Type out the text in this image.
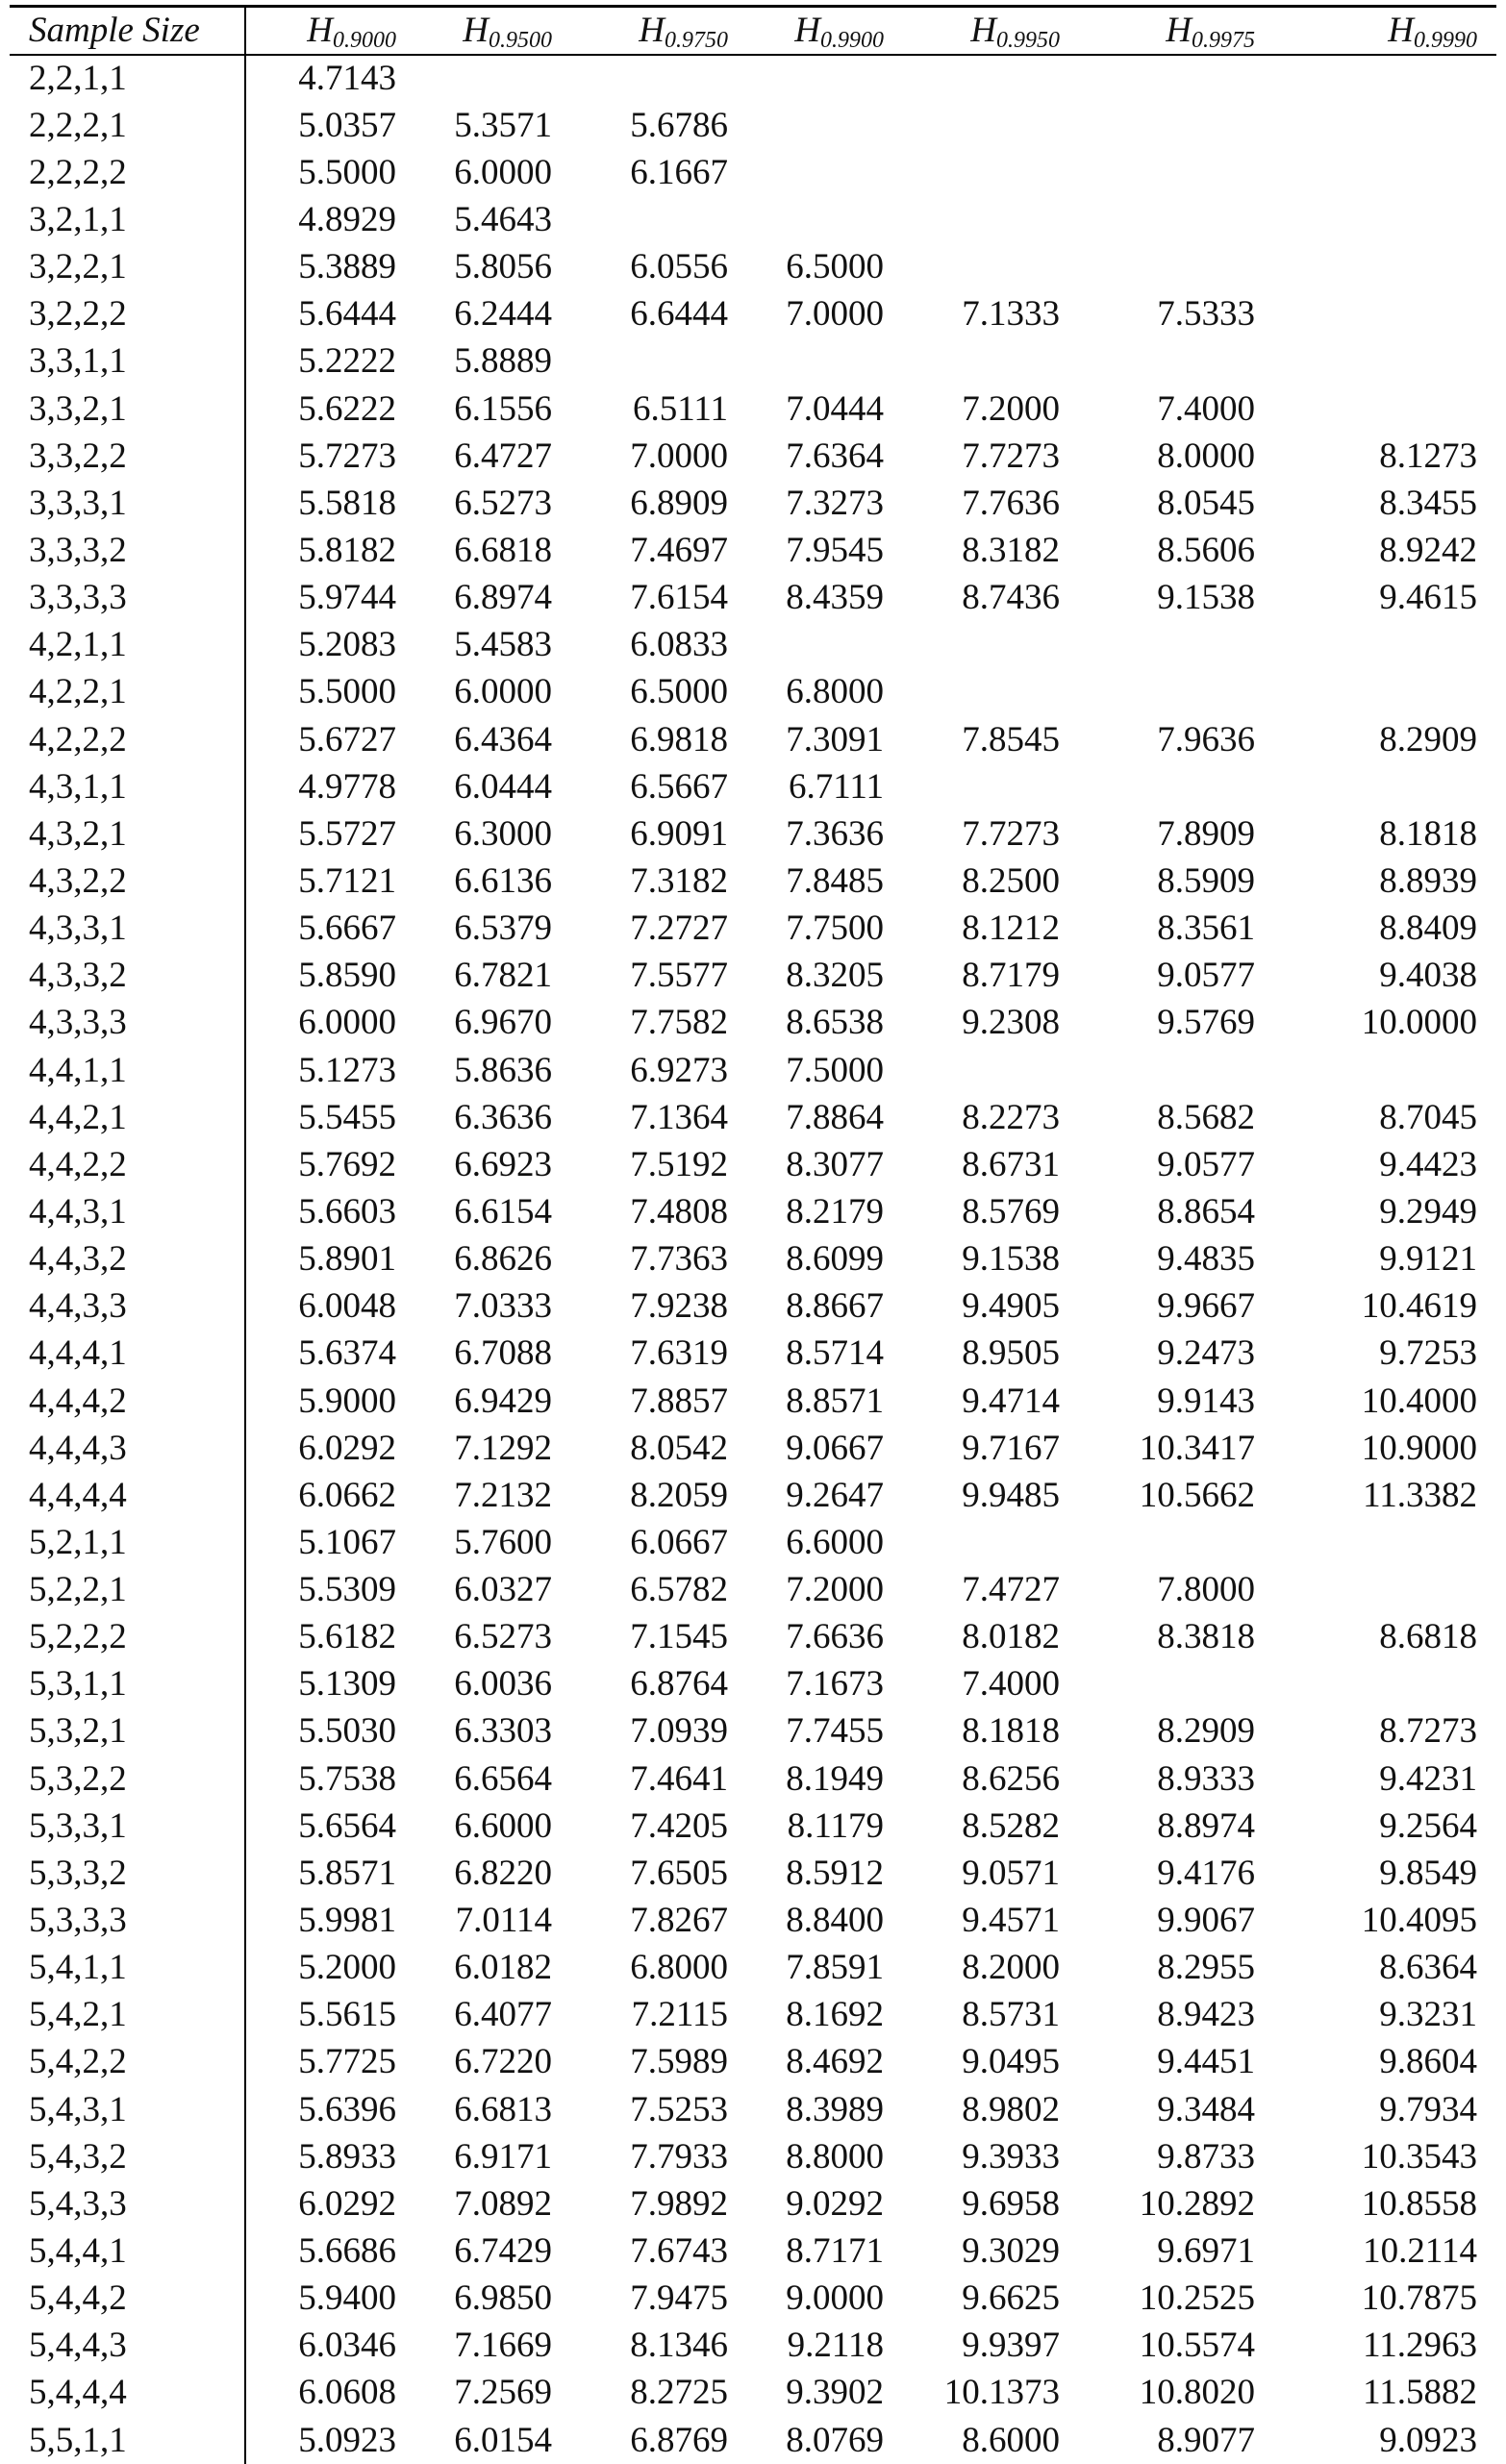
Sample Size	H0.9000	H0.9500	H0.9750	H0.9900	H0.9950	H0.9975	H0.9990
2,2,1,1	4.7143						
2,2,2,1	5.0357	5.3571	5.6786				
2,2,2,2	5.5000	6.0000	6.1667				
3,2,1,1	4.8929	5.4643					
3,2,2,1	5.3889	5.8056	6.0556	6.5000			
3,2,2,2	5.6444	6.2444	6.6444	7.0000	7.1333	7.5333	
3,3,1,1	5.2222	5.8889					
3,3,2,1	5.6222	6.1556	6.5111	7.0444	7.2000	7.4000	
3,3,2,2	5.7273	6.4727	7.0000	7.6364	7.7273	8.0000	8.1273
3,3,3,1	5.5818	6.5273	6.8909	7.3273	7.7636	8.0545	8.3455
3,3,3,2	5.8182	6.6818	7.4697	7.9545	8.3182	8.5606	8.9242
3,3,3,3	5.9744	6.8974	7.6154	8.4359	8.7436	9.1538	9.4615
4,2,1,1	5.2083	5.4583	6.0833				
4,2,2,1	5.5000	6.0000	6.5000	6.8000			
4,2,2,2	5.6727	6.4364	6.9818	7.3091	7.8545	7.9636	8.2909
4,3,1,1	4.9778	6.0444	6.5667	6.7111			
4,3,2,1	5.5727	6.3000	6.9091	7.3636	7.7273	7.8909	8.1818
4,3,2,2	5.7121	6.6136	7.3182	7.8485	8.2500	8.5909	8.8939
4,3,3,1	5.6667	6.5379	7.2727	7.7500	8.1212	8.3561	8.8409
4,3,3,2	5.8590	6.7821	7.5577	8.3205	8.7179	9.0577	9.4038
4,3,3,3	6.0000	6.9670	7.7582	8.6538	9.2308	9.5769	10.0000
4,4,1,1	5.1273	5.8636	6.9273	7.5000			
4,4,2,1	5.5455	6.3636	7.1364	7.8864	8.2273	8.5682	8.7045
4,4,2,2	5.7692	6.6923	7.5192	8.3077	8.6731	9.0577	9.4423
4,4,3,1	5.6603	6.6154	7.4808	8.2179	8.5769	8.8654	9.2949
4,4,3,2	5.8901	6.8626	7.7363	8.6099	9.1538	9.4835	9.9121
4,4,3,3	6.0048	7.0333	7.9238	8.8667	9.4905	9.9667	10.4619
4,4,4,1	5.6374	6.7088	7.6319	8.5714	8.9505	9.2473	9.7253
4,4,4,2	5.9000	6.9429	7.8857	8.8571	9.4714	9.9143	10.4000
4,4,4,3	6.0292	7.1292	8.0542	9.0667	9.7167	10.3417	10.9000
4,4,4,4	6.0662	7.2132	8.2059	9.2647	9.9485	10.5662	11.3382
5,2,1,1	5.1067	5.7600	6.0667	6.6000			
5,2,2,1	5.5309	6.0327	6.5782	7.2000	7.4727	7.8000	
5,2,2,2	5.6182	6.5273	7.1545	7.6636	8.0182	8.3818	8.6818
5,3,1,1	5.1309	6.0036	6.8764	7.1673	7.4000		
5,3,2,1	5.5030	6.3303	7.0939	7.7455	8.1818	8.2909	8.7273
5,3,2,2	5.7538	6.6564	7.4641	8.1949	8.6256	8.9333	9.4231
5,3,3,1	5.6564	6.6000	7.4205	8.1179	8.5282	8.8974	9.2564
5,3,3,2	5.8571	6.8220	7.6505	8.5912	9.0571	9.4176	9.8549
5,3,3,3	5.9981	7.0114	7.8267	8.8400	9.4571	9.9067	10.4095
5,4,1,1	5.2000	6.0182	6.8000	7.8591	8.2000	8.2955	8.6364
5,4,2,1	5.5615	6.4077	7.2115	8.1692	8.5731	8.9423	9.3231
5,4,2,2	5.7725	6.7220	7.5989	8.4692	9.0495	9.4451	9.8604
5,4,3,1	5.6396	6.6813	7.5253	8.3989	8.9802	9.3484	9.7934
5,4,3,2	5.8933	6.9171	7.7933	8.8000	9.3933	9.8733	10.3543
5,4,3,3	6.0292	7.0892	7.9892	9.0292	9.6958	10.2892	10.8558
5,4,4,1	5.6686	6.7429	7.6743	8.7171	9.3029	9.6971	10.2114
5,4,4,2	5.9400	6.9850	7.9475	9.0000	9.6625	10.2525	10.7875
5,4,4,3	6.0346	7.1669	8.1346	9.2118	9.9397	10.5574	11.2963
5,4,4,4	6.0608	7.2569	8.2725	9.3902	10.1373	10.8020	11.5882
5,5,1,1	5.0923	6.0154	6.8769	8.0769	8.6000	8.9077	9.0923
